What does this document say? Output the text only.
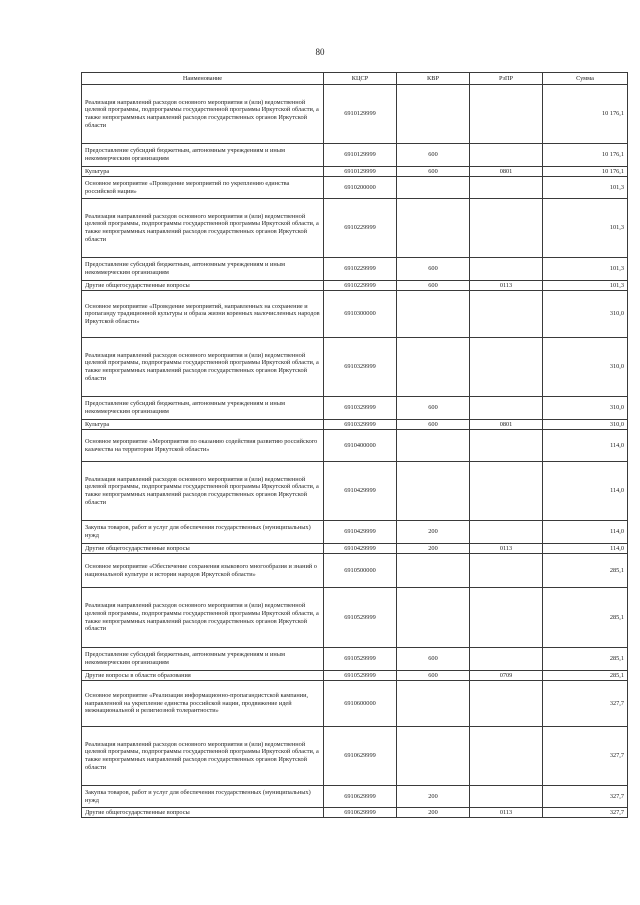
80
Наименование	КЦСР	КВР	РзПР	Сумма
Реализация направлений расходов основного мероприятия и (или) ведомственной целевой программы, подпрограммы государственной программы Иркутской области, а также непрограммных направлений расходов государственных органов Иркутской области	6910129999			10 176,1
Предоставление субсидий бюджетным, автономным учреждениям и иным некоммерческим организациям	6910129999	600		10 176,1
Культура	6910129999	600	0801	10 176,1
Основное мероприятие «Проведение мероприятий по укреплению единства российской нации»	6910200000			101,3
Реализация направлений расходов основного мероприятия и (или) ведомственной целевой программы, подпрограммы государственной программы Иркутской области, а также непрограммных направлений расходов государственных органов Иркутской области	6910229999			101,3
Предоставление субсидий бюджетным, автономным учреждениям и иным некоммерческим организациям	6910229999	600		101,3
Другие общегосударственные вопросы	6910229999	600	0113	101,3
Основное мероприятие «Проведение мероприятий, направленных на сохранение и пропаганду традиционной культуры и образа жизни коренных малочисленных народов Иркутской области»	6910300000			310,0
Реализация направлений расходов основного мероприятия и (или) ведомственной целевой программы, подпрограммы государственной программы Иркутской области, а также непрограммных направлений расходов государственных органов Иркутской области	6910329999			310,0
Предоставление субсидий бюджетным, автономным учреждениям и иным некоммерческим организациям	6910329999	600		310,0
Культура	6910329999	600	0801	310,0
Основное мероприятие «Мероприятия по оказанию содействия развитию российского казачества на территории Иркутской области»	6910400000			114,0
Реализация направлений расходов основного мероприятия и (или) ведомственной целевой программы, подпрограммы государственной программы Иркутской области, а также непрограммных направлений расходов государственных органов Иркутской области	6910429999			114,0
Закупка товаров, работ и услуг для обеспечения государственных (муниципальных) нужд	6910429999	200		114,0
Другие общегосударственные вопросы	6910429999	200	0113	114,0
Основное мероприятие «Обеспечение сохранения языкового многообразия и знаний о национальной культуре и истории народов Иркутской области»	6910500000			285,1
Реализация направлений расходов основного мероприятия и (или) ведомственной целевой программы, подпрограммы государственной программы Иркутской области, а также непрограммных направлений расходов государственных органов Иркутской области	6910529999			285,1
Предоставление субсидий бюджетным, автономным учреждениям и иным некоммерческим организациям	6910529999	600		285,1
Другие вопросы в области образования	6910529999	600	0709	285,1
Основное мероприятие «Реализация информационно-пропагандистской кампании, направленной на укрепление единства российской нации, продвижение идей межнациональной и религиозной толерантности»	6910600000			327,7
Реализация направлений расходов основного мероприятия и (или) ведомственной целевой программы, подпрограммы государственной программы Иркутской области, а также непрограммных направлений расходов государственных органов Иркутской области	6910629999			327,7
Закупка товаров, работ и услуг для обеспечения государственных (муниципальных) нужд	6910629999	200		327,7
Другие общегосударственные вопросы	6910629999	200	0113	327,7
